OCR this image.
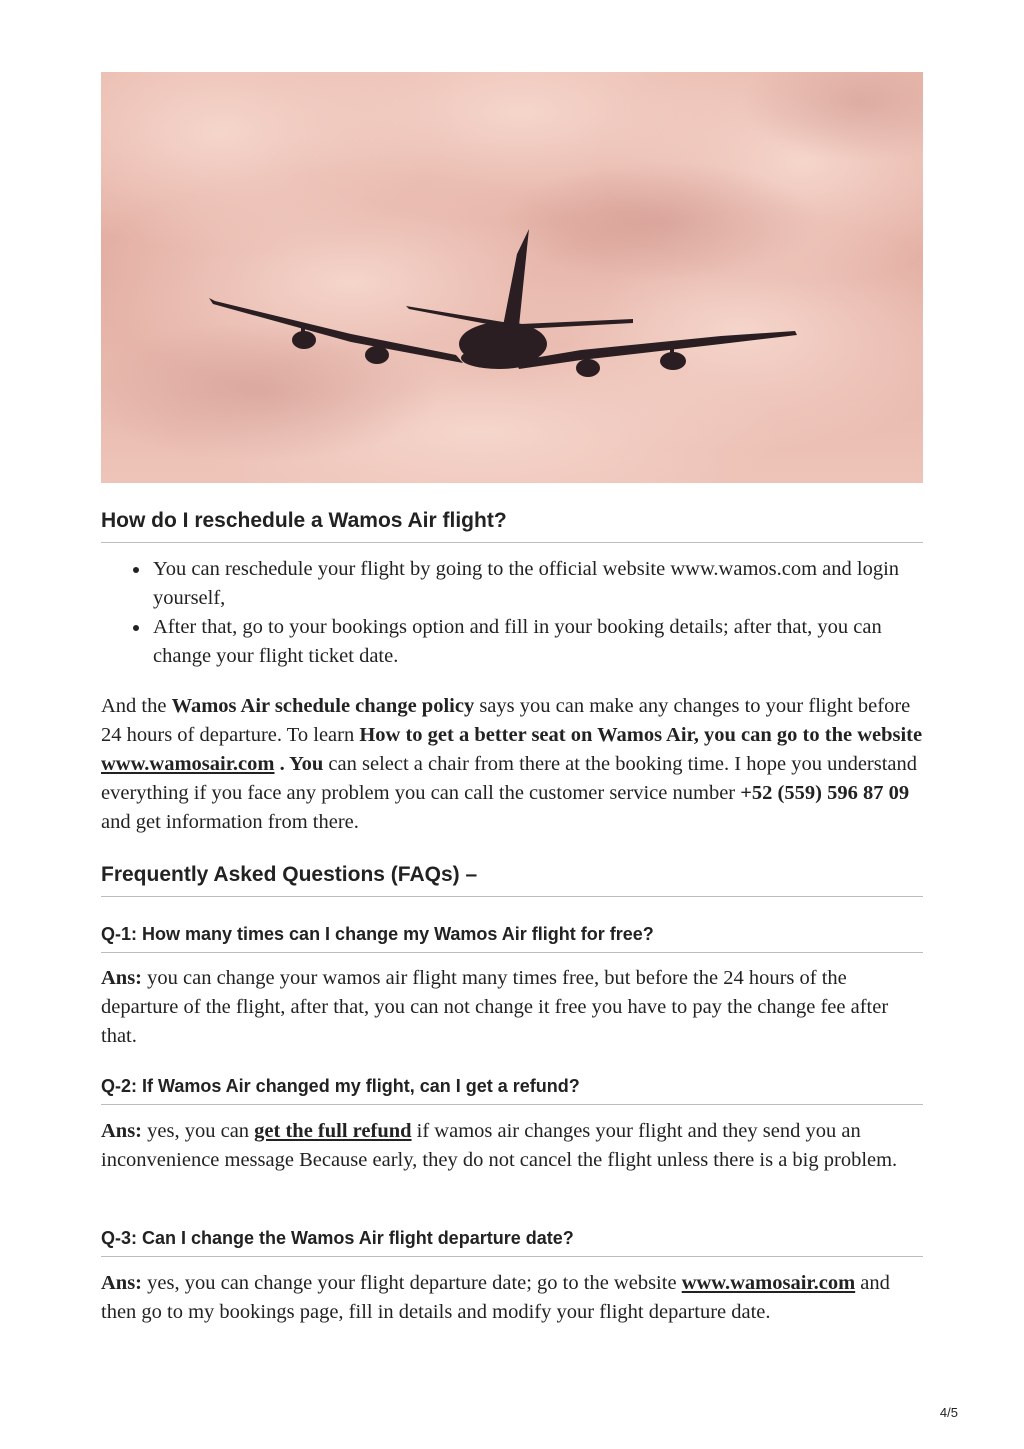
How do I reschedule a Wamos Air flight?
You can reschedule your flight by going to the official website www.wamos.com and login yourself,
After that, go to your bookings option and fill in your booking details; after that, you can change your flight ticket date.

And the Wamos Air schedule change policy says you can make any changes to your flight before 24 hours of departure. To learn How to get a better seat on Wamos Air, you can go to the website www.wamosair.com . You can select a chair from there at the booking time. I hope you understand everything if you face any problem you can call the customer service number +52 (559) 596 87 09 and get information from there.

Frequently Asked Questions (FAQs) –
Q-1: How many times can I change my Wamos Air flight for free?

Ans: you can change your wamos air flight many times free, but before the 24 hours of the departure of the flight, after that, you can not change it free you have to pay the change fee after that.

Q-2: If Wamos Air changed my flight, can I get a refund?

Ans: yes, you can get the full refund if wamos air changes your flight and they send you an inconvenience message Because early, they do not cancel the flight unless there is a big problem.

Q-3: Can I change the Wamos Air flight departure date?

Ans: yes, you can change your flight departure date; go to the website www.wamosair.com and then go to my bookings page, fill in details and modify your flight departure date.

4/5
